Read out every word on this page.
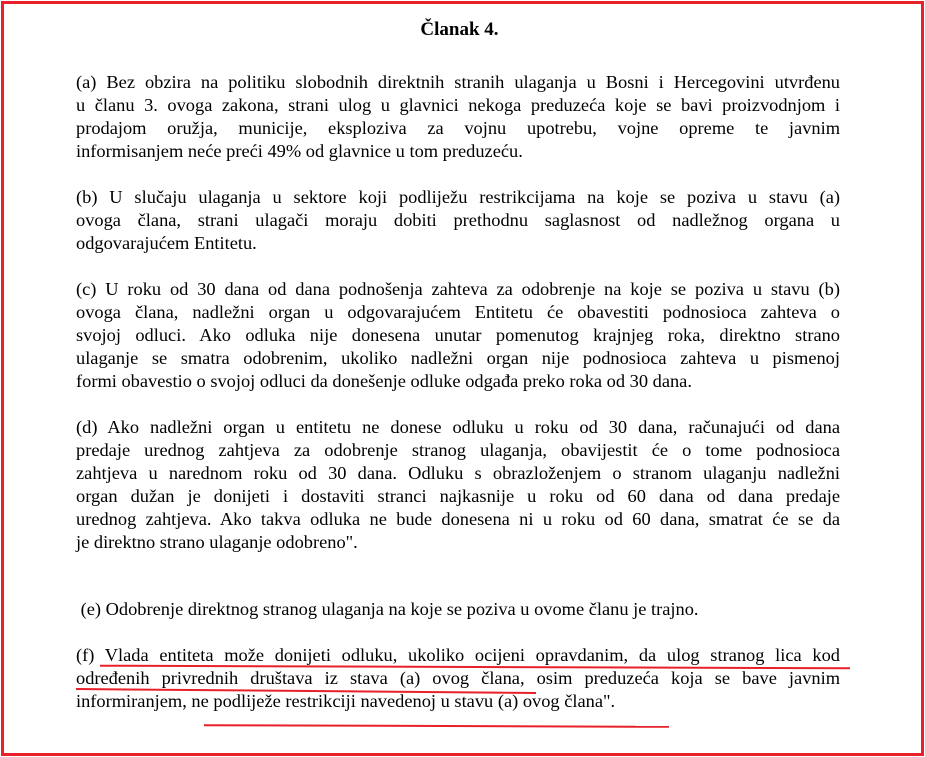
Članak 4.
(a) Bez obzira na politiku slobodnih direktnih stranih ulaganja u Bosni i Hercegovini utvrđenu
u članu 3. ovoga zakona, strani ulog u glavnici nekoga preduzeća koje se bavi proizvodnjom i
prodajom oružja, municije, eksploziva za vojnu upotrebu, vojne opreme te javnim
informisanjem neće preći 49% od glavnice u tom preduzeću.
(b) U slučaju ulaganja u sektore koji podliježu restrikcijama na koje se poziva u stavu (a)
ovoga člana, strani ulagači moraju dobiti prethodnu saglasnost od nadležnog organa u
odgovarajućem Entitetu.
(c) U roku od 30 dana od dana podnošenja zahteva za odobrenje na koje se poziva u stavu (b)
ovoga člana, nadležni organ u odgovarajućem Entitetu će obavestiti podnosioca zahteva o
svojoj odluci. Ako odluka nije donesena unutar pomenutog krajnjeg roka, direktno strano
ulaganje se smatra odobrenim, ukoliko nadležni organ nije podnosioca zahteva u pismenoj
formi obavestio o svojoj odluci da donešenje odluke odgađa preko roka od 30 dana.
(d) Ako nadležni organ u entitetu ne donese odluku u roku od 30 dana, računajući od dana
predaje urednog zahtjeva za odobrenje stranog ulaganja, obavijestit će o tome podnosioca
zahtjeva u narednom roku od 30 dana. Odluku s obrazloženjem o stranom ulaganju nadležni
organ dužan je donijeti i dostaviti stranci najkasnije u roku od 60 dana od dana predaje
urednog zahtjeva. Ako takva odluka ne bude donesena ni u roku od 60 dana, smatrat će se da
je direktno strano ulaganje odobreno".
(e) Odobrenje direktnog stranog ulaganja na koje se poziva u ovome članu je trajno.
(f) Vlada entiteta može donijeti odluku, ukoliko ocijeni opravdanim, da ulog stranog lica kod
određenih privrednih društava iz stava (a) ovog člana, osim preduzeća koja se bave javnim
informiranjem, ne podliježe restrikciji navedenoj u stavu (a) ovog člana".
